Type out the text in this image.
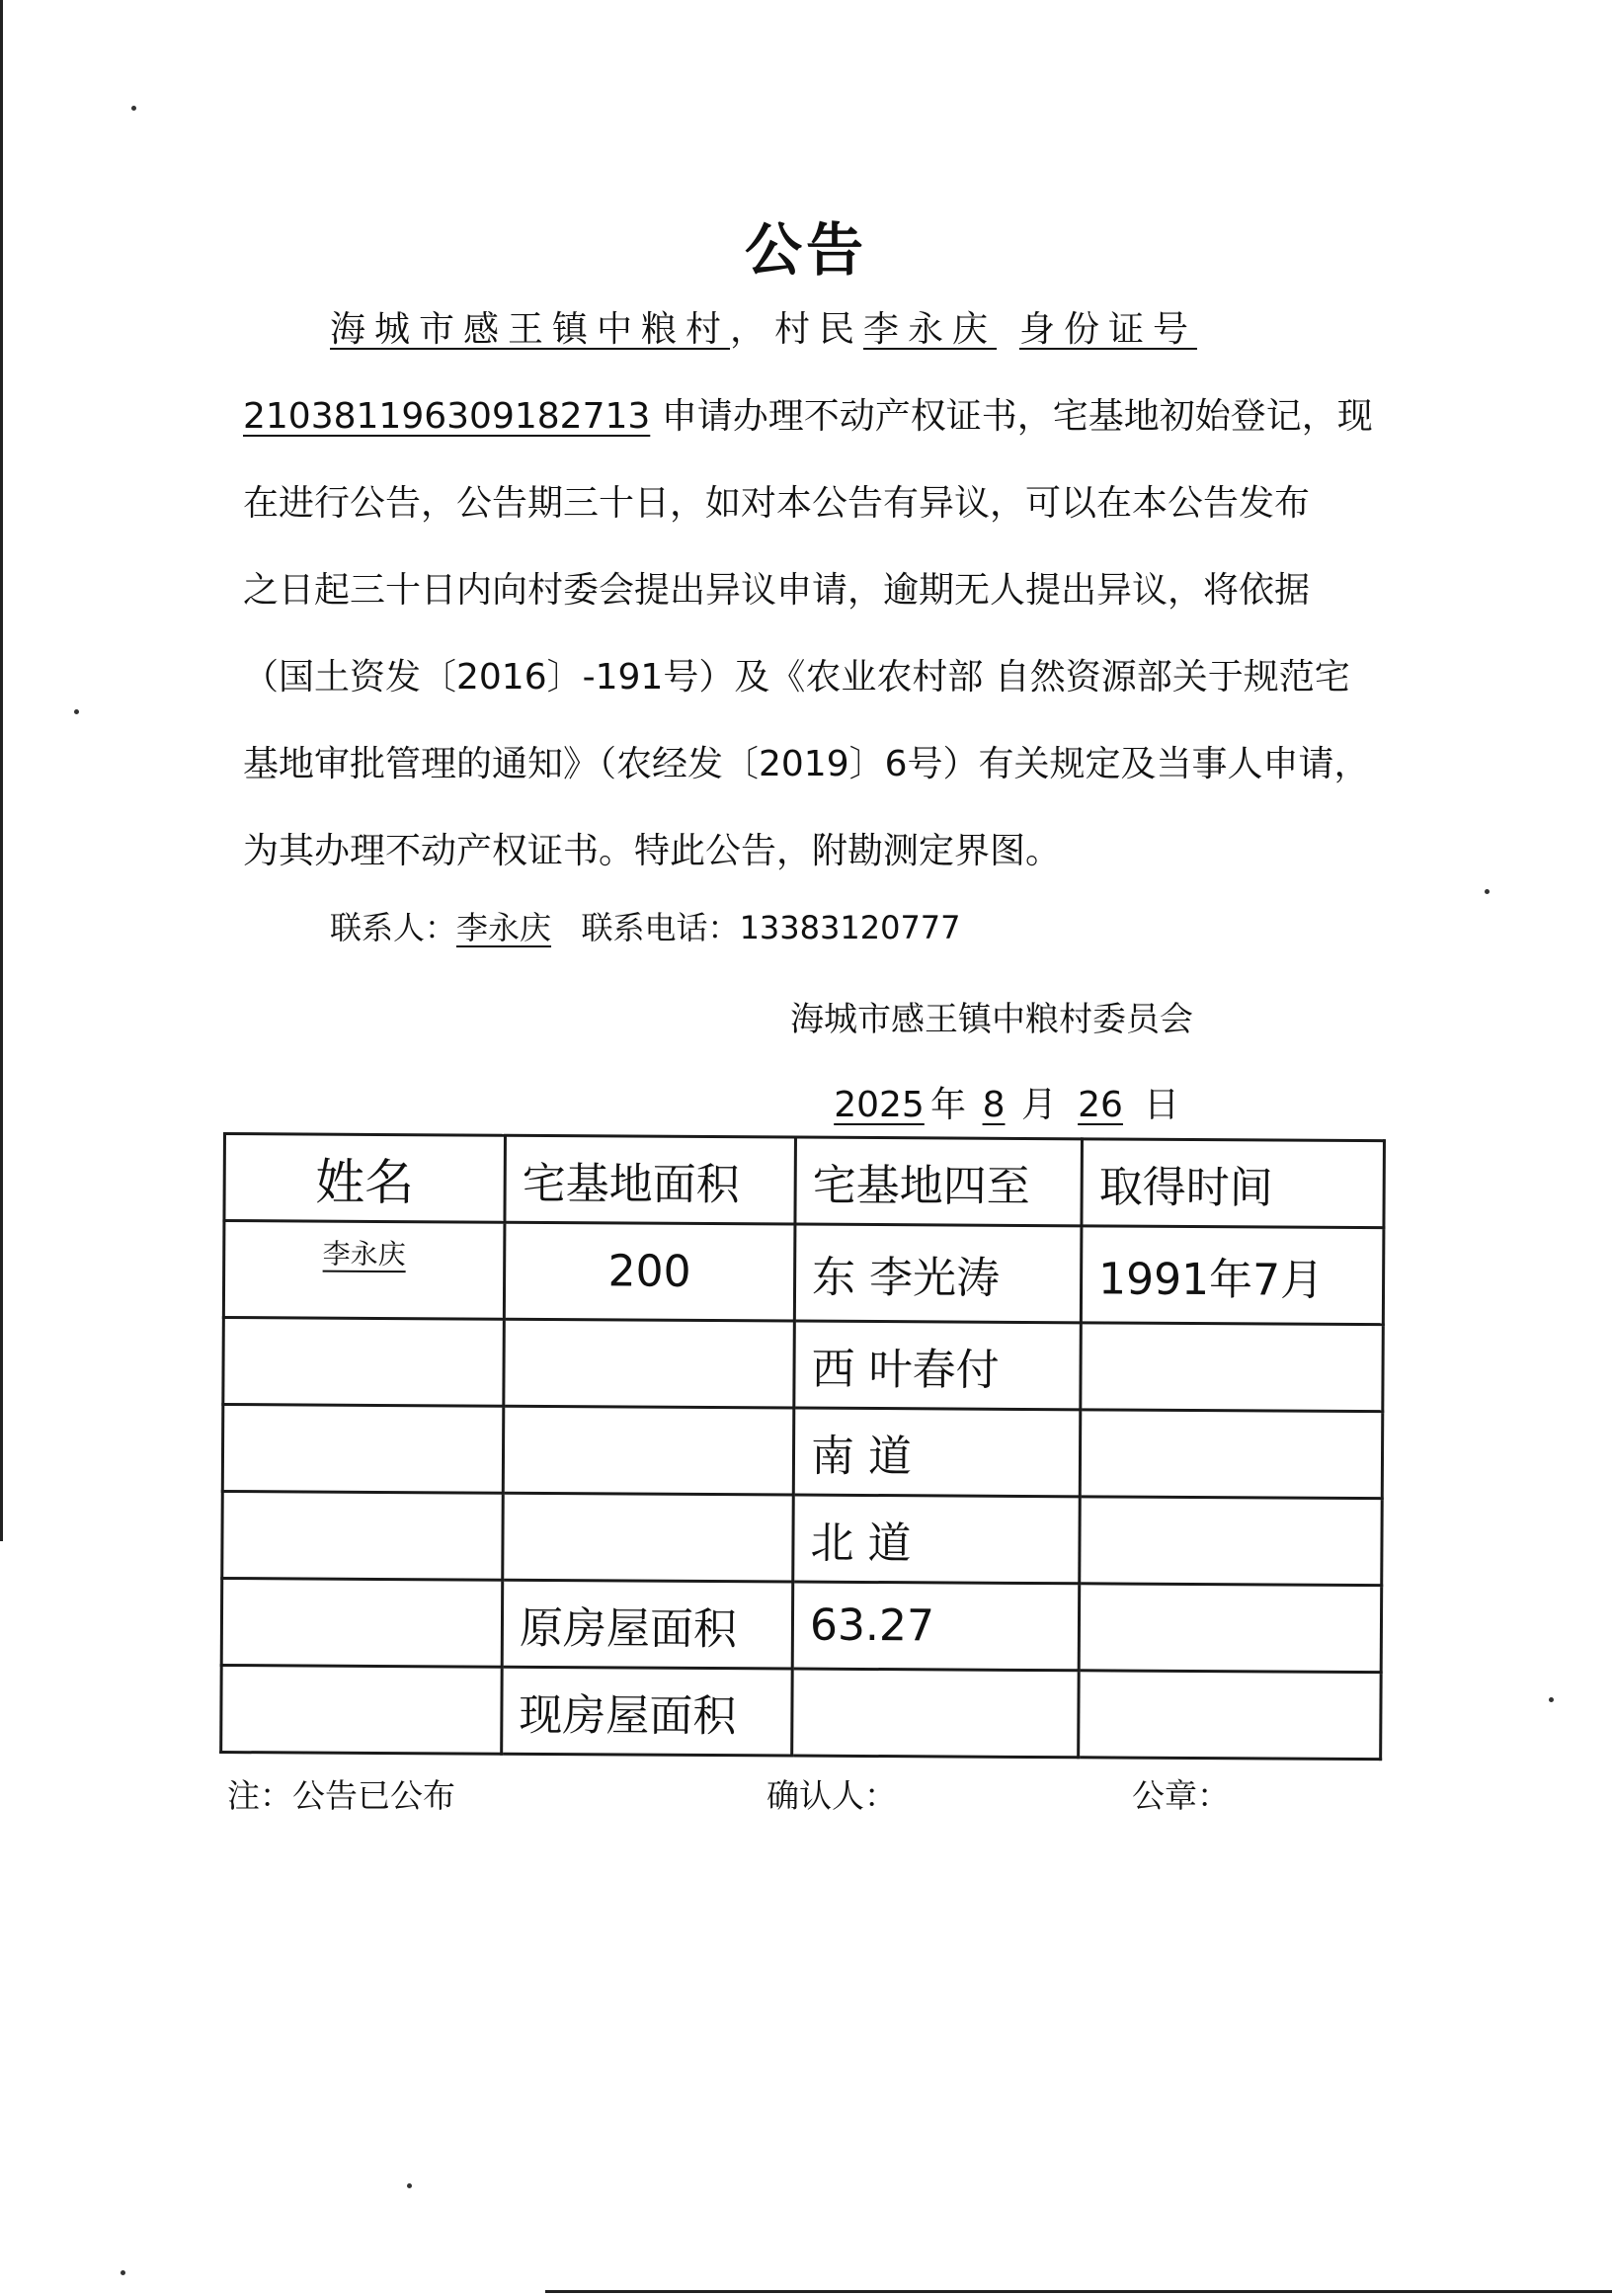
公告
海城市感王镇中粮村，村民李永庆 身份证号
210381196309182713 申请办理不动产权证书，宅基地初始登记，现
在进行公告，公告期三十日，如对本公告有异议，可以在本公告发布
之日起三十日内向村委会提出异议申请，逾期无人提出异议，将依据
（国土资发〔2016〕-191号）及《农业农村部 自然资源部关于规范宅
基地审批管理的通知》（农经发〔2019〕6号）有关规定及当事人申请，
为其办理不动产权证书。特此公告，附勘测定界图。
联系人：李永庆 联系电话：13383120777
海城市感王镇中粮村委员会
2025 年 8 月 26 日
姓名	宅基地面积	宅基地四至	取得时间
李永庆	200	东 李光涛	1991年7月
		西 叶春付	
		南 道	
		北 道	
	原房屋面积	63.27	
	现房屋面积		
注：公告已公布	确认人：	公章：
